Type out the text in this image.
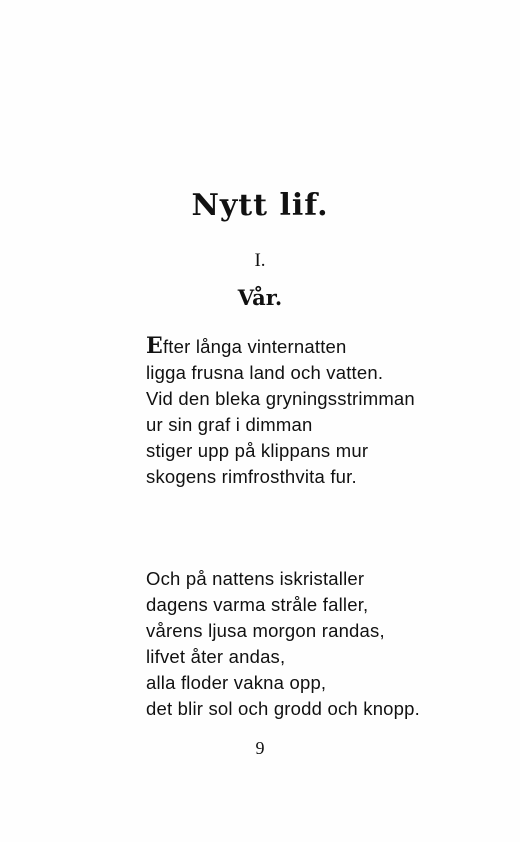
Nytt lif.

I.

Vår.
Efter långa vinternatten
ligga frusna land och vatten.
Vid den bleka gryningsstrimman
ur sin graf i dimman
stiger upp på klippans mur
skogens rimfrosthvita fur.
Och på nattens iskristaller
dagens varma stråle faller,
vårens ljusa morgon randas,
lifvet åter andas,
alla floder vakna opp,
det blir sol och grodd och knopp.

9
